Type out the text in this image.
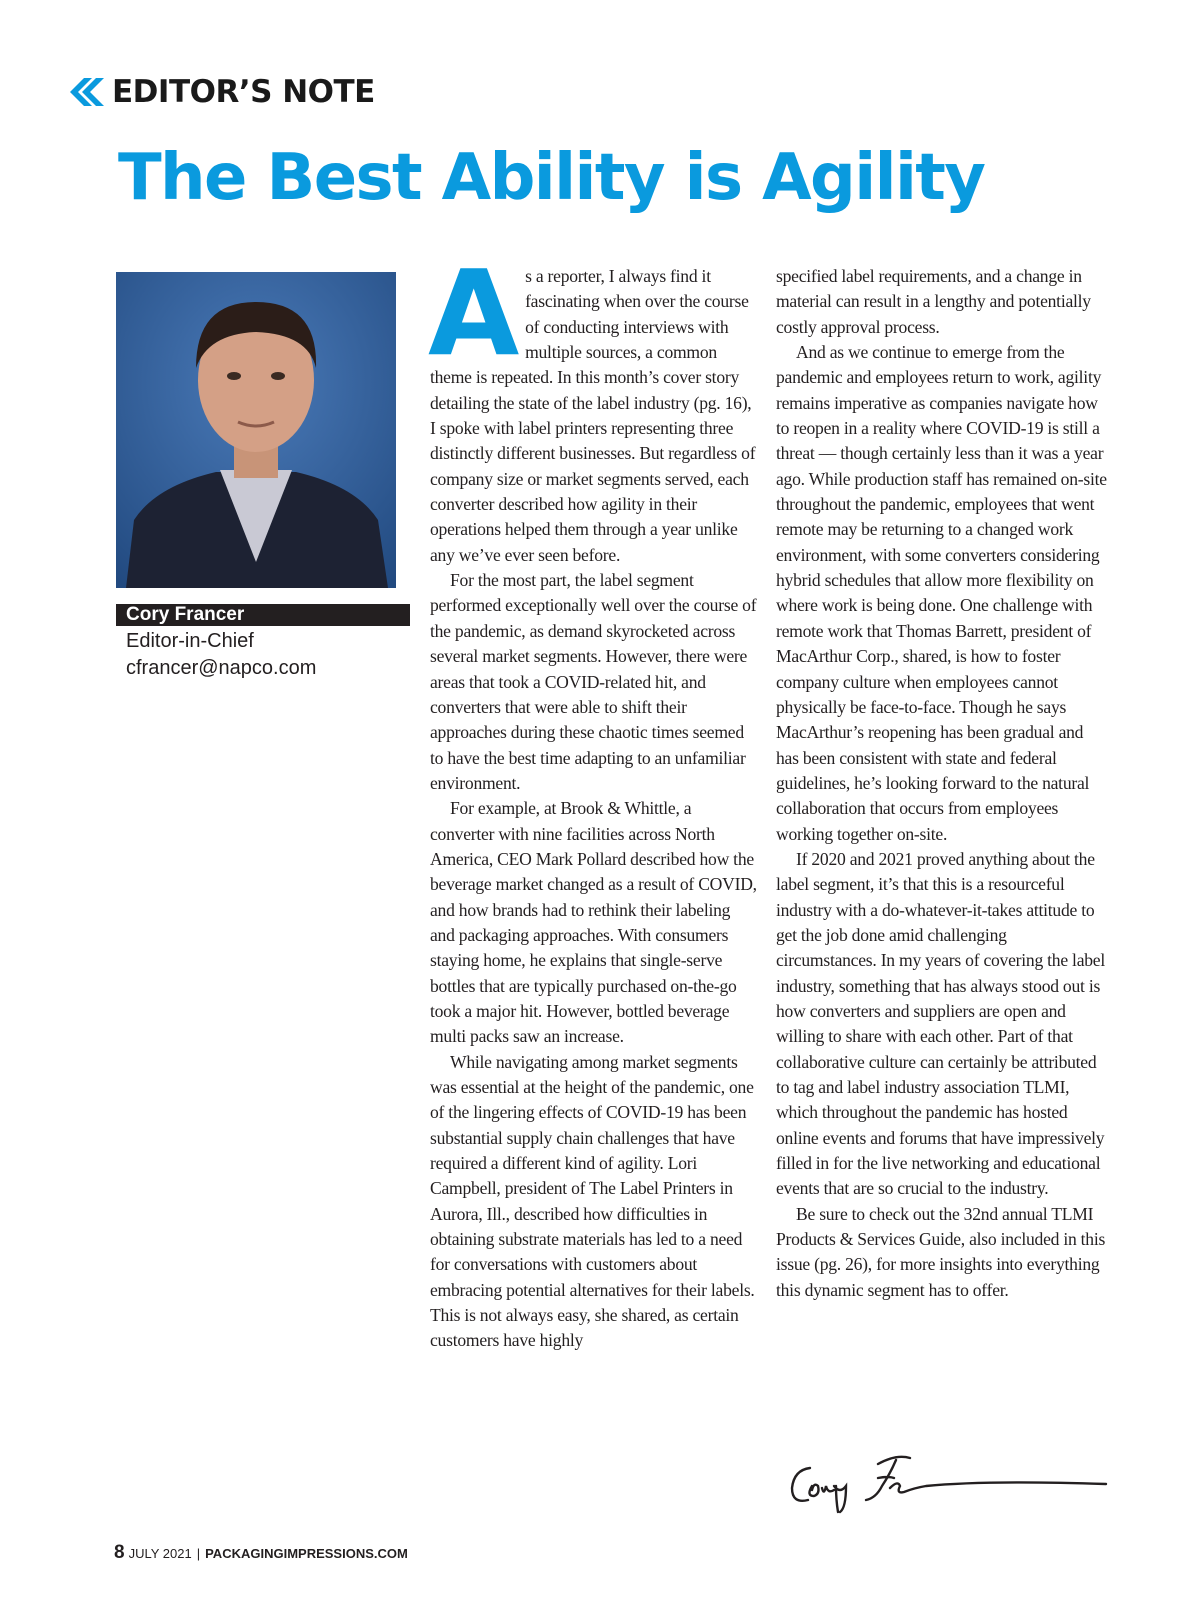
EDITOR’S NOTE
The Best Ability is Agility
Cory Francer
Editor-in-Chief
cfrancer@napco.com

As a reporter, I always find it fascinating when over the course of conducting interviews with multiple sources, a common theme is repeated. In this month’s cover story detailing the state of the label industry (pg. 16), I spoke with label printers representing three distinctly different businesses. But regardless of company size or market segments served, each converter described how agility in their operations helped them through a year unlike any we’ve ever seen before.

For the most part, the label segment performed exceptionally well over the course of the pandemic, as demand skyrocketed across several market segments. However, there were areas that took a COVID-related hit, and converters that were able to shift their approaches during these chaotic times seemed to have the best time adapting to an unfamiliar environment.

For example, at Brook & Whittle, a converter with nine facilities across North America, CEO Mark Pollard described how the beverage market changed as a result of COVID, and how brands had to rethink their labeling and packaging approaches. With consumers staying home, he explains that single-serve bottles that are typically purchased on-the-go took a major hit. However, bottled beverage multi packs saw an increase.

While navigating among market segments was essential at the height of the pandemic, one of the lingering effects of COVID-19 has been substantial supply chain challenges that have required a different kind of agility. Lori Campbell, president of The Label Printers in Aurora, Ill., described how difficulties in obtaining substrate materials has led to a need for conversations with customers about embracing potential alternatives for their labels. This is not always easy, she shared, as certain customers have highly

specified label requirements, and a change in material can result in a lengthy and potentially costly approval process.

And as we continue to emerge from the pandemic and employees return to work, agility remains imperative as companies navigate how to reopen in a reality where COVID-19 is still a threat — though certainly less than it was a year ago. While production staff has remained on-site throughout the pandemic, employees that went remote may be returning to a changed work environment, with some converters considering hybrid schedules that allow more flexibility on where work is being done. One challenge with remote work that Thomas Barrett, president of MacArthur Corp., shared, is how to foster company culture when employees cannot physically be face-to-face. Though he says MacArthur’s reopening has been gradual and has been consistent with state and federal guidelines, he’s looking forward to the natural collaboration that occurs from employees working together on-site.

If 2020 and 2021 proved anything about the label segment, it’s that this is a resourceful industry with a do-whatever-it-takes attitude to get the job done amid challenging circumstances. In my years of covering the label industry, something that has always stood out is how converters and suppliers are open and willing to share with each other. Part of that collaborative culture can certainly be attributed to tag and label industry association TLMI, which throughout the pandemic has hosted online events and forums that have impressively filled in for the live networking and educational events that are so crucial to the industry.

Be sure to check out the 32nd annual TLMI Products & Services Guide, also included in this issue (pg. 26), for more insights into everything this dynamic segment has to offer.

8 JULY 2021 | PACKAGINGIMPRESSIONS.COM
